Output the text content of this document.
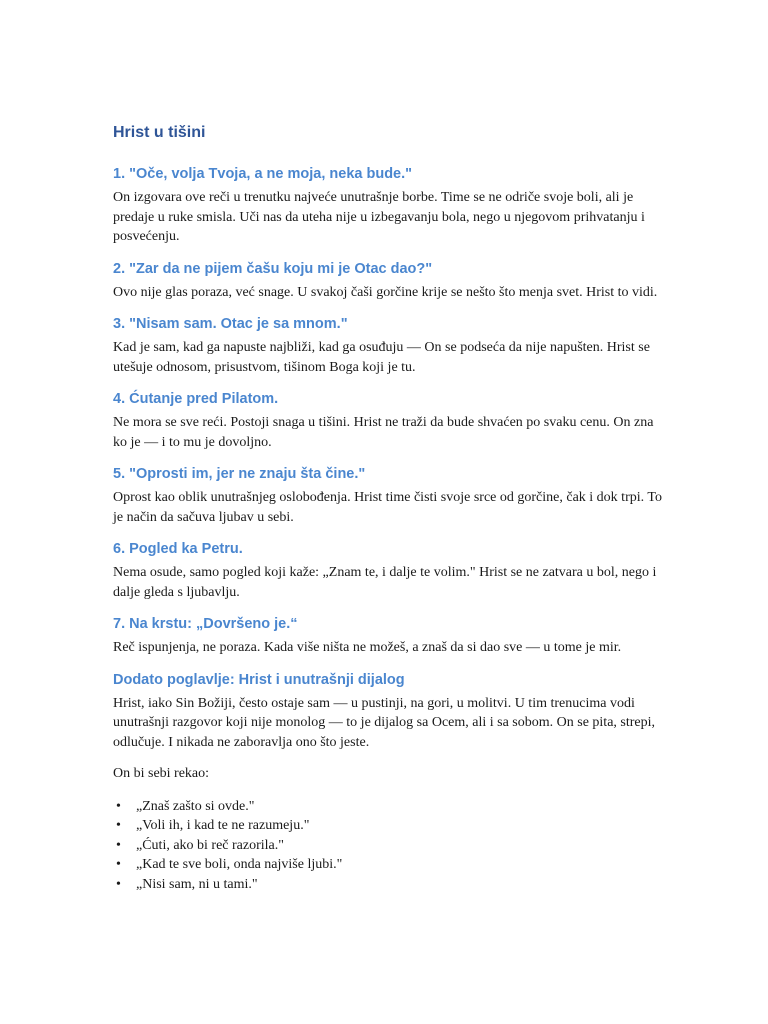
Hrist u tišini
1. "Oče, volja Tvoja, a ne moja, neka bude."

On izgovara ove reči u trenutku najveće unutrašnje borbe. Time se ne odriče svoje boli, ali je predaje u ruke smisla. Uči nas da uteha nije u izbegavanju bola, nego u njegovom prihvatanju i posvećenju.

2. "Zar da ne pijem čašu koju mi je Otac dao?"

Ovo nije glas poraza, već snage. U svakoj čaši gorčine krije se nešto što menja svet. Hrist to vidi.

3. "Nisam sam. Otac je sa mnom."

Kad je sam, kad ga napuste najbliži, kad ga osuđuju — On se podseća da nije napušten. Hrist se utešuje odnosom, prisustvom, tišinom Boga koji je tu.

4. Ćutanje pred Pilatom.

Ne mora se sve reći. Postoji snaga u tišini. Hrist ne traži da bude shvaćen po svaku cenu. On zna ko je — i to mu je dovoljno.

5. "Oprosti im, jer ne znaju šta čine."

Oprost kao oblik unutrašnjeg oslobođenja. Hrist time čisti svoje srce od gorčine, čak i dok trpi. To je način da sačuva ljubav u sebi.

6. Pogled ka Petru.

Nema osude, samo pogled koji kaže: „Znam te, i dalje te volim." Hrist se ne zatvara u bol, nego i dalje gleda s ljubavlju.

7. Na krstu: „Dovršeno je.“

Reč ispunjenja, ne poraza. Kada više ništa ne možeš, a znaš da si dao sve — u tome je mir.

Dodato poglavlje: Hrist i unutrašnji dijalog

Hrist, iako Sin Božiji, često ostaje sam — u pustinji, na gori, u molitvi. U tim trenucima vodi unutrašnji razgovor koji nije monolog — to je dijalog sa Ocem, ali i sa sobom. On se pita, strepi, odlučuje. I nikada ne zaboravlja ono što jeste.

On bi sebi rekao:

•	„Znaš zašto si ovde."
•	„Voli ih, i kad te ne razumeju."
•	„Ćuti, ako bi reč razorila."
•	„Kad te sve boli, onda najviše ljubi."
•	„Nisi sam, ni u tami."
